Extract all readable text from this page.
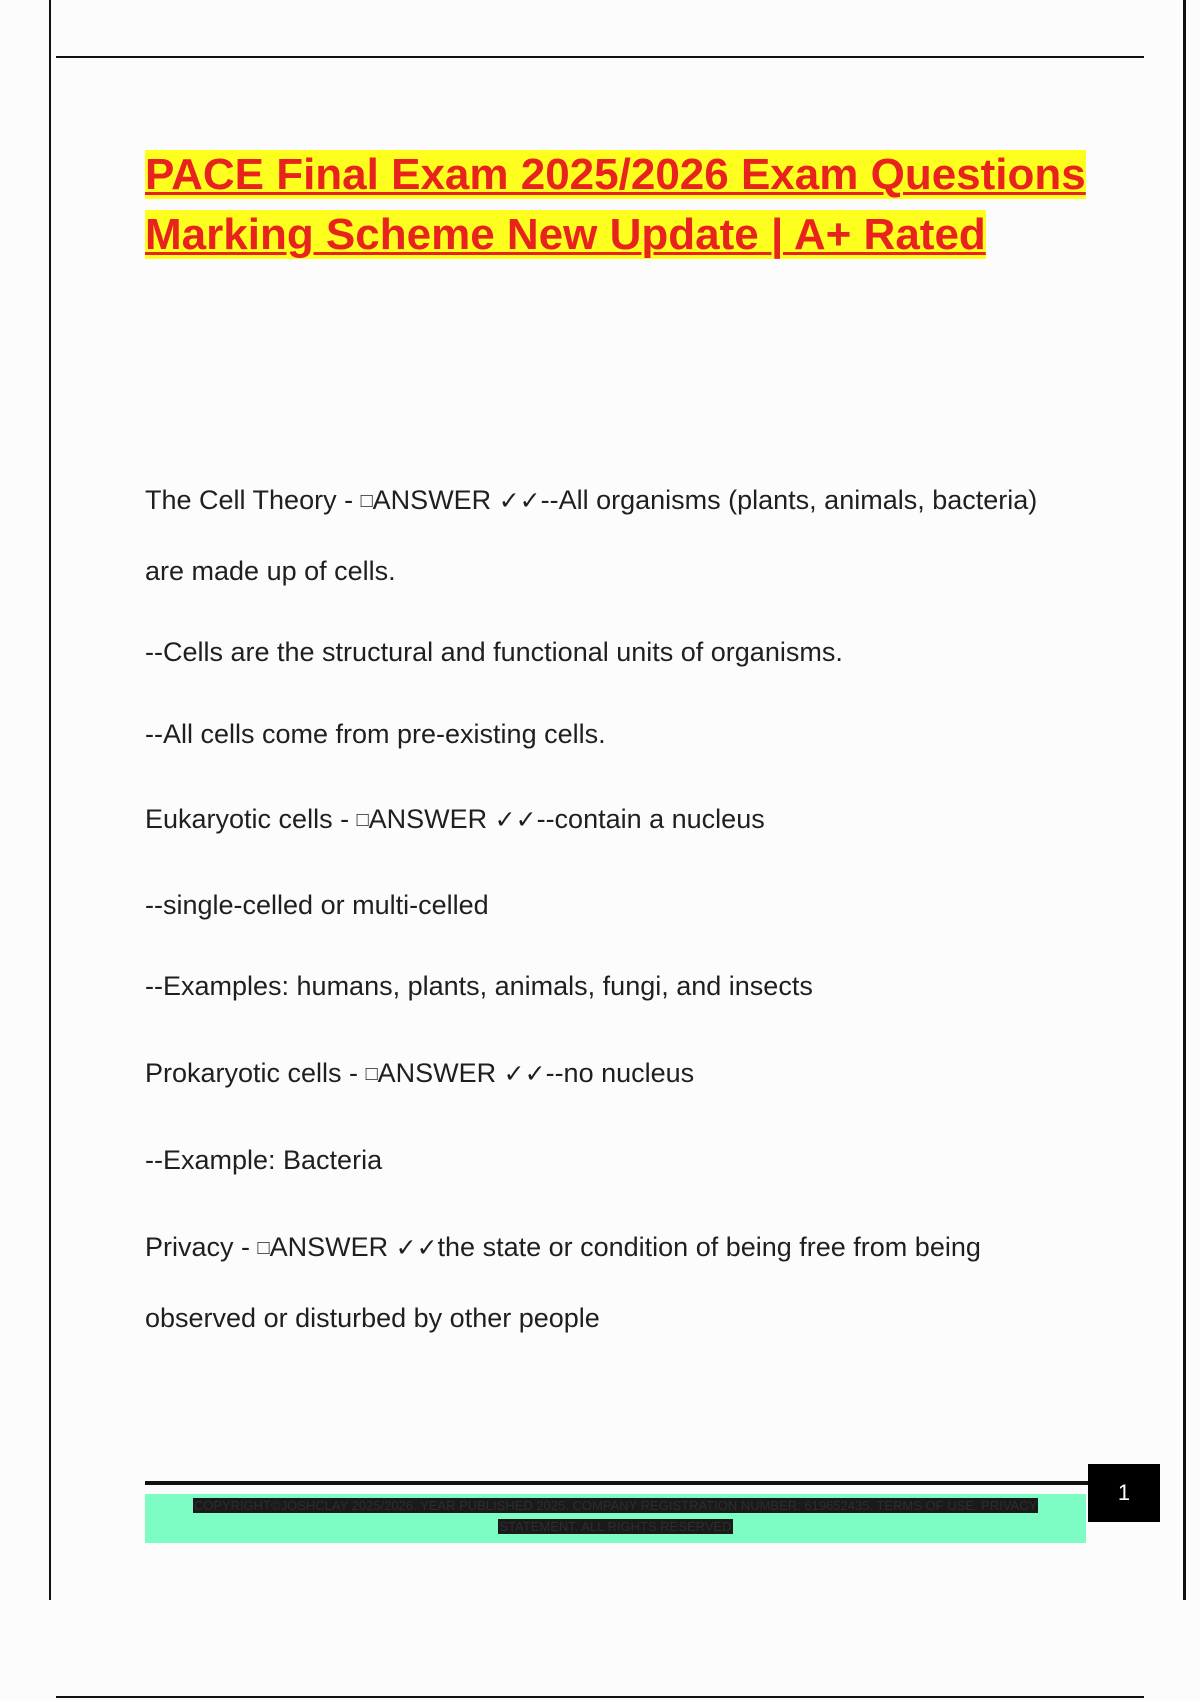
PACE Final Exam 2025/2026 Exam Questions Marking Scheme New Update | A+ Rated
The Cell Theory - □ANSWER ✓✓--All organisms (plants, animals, bacteria)
are made up of cells.
--Cells are the structural and functional units of organisms.
--All cells come from pre-existing cells.
Eukaryotic cells - □ANSWER ✓✓--contain a nucleus
--single-celled or multi-celled
--Examples: humans, plants, animals, fungi, and insects
Prokaryotic cells - □ANSWER ✓✓--no nucleus
--Example: Bacteria
Privacy - □ANSWER ✓✓the state or condition of being free from being
observed or disturbed by other people
COPYRIGHT©JOSHCLAY 2025/2026. YEAR PUBLISHED 2025. COMPANY REGISTRATION NUMBER: 619652435. TERMS OF USE. PRIVACY
STATEMENT. ALL RIGHTS RESERVED
1
